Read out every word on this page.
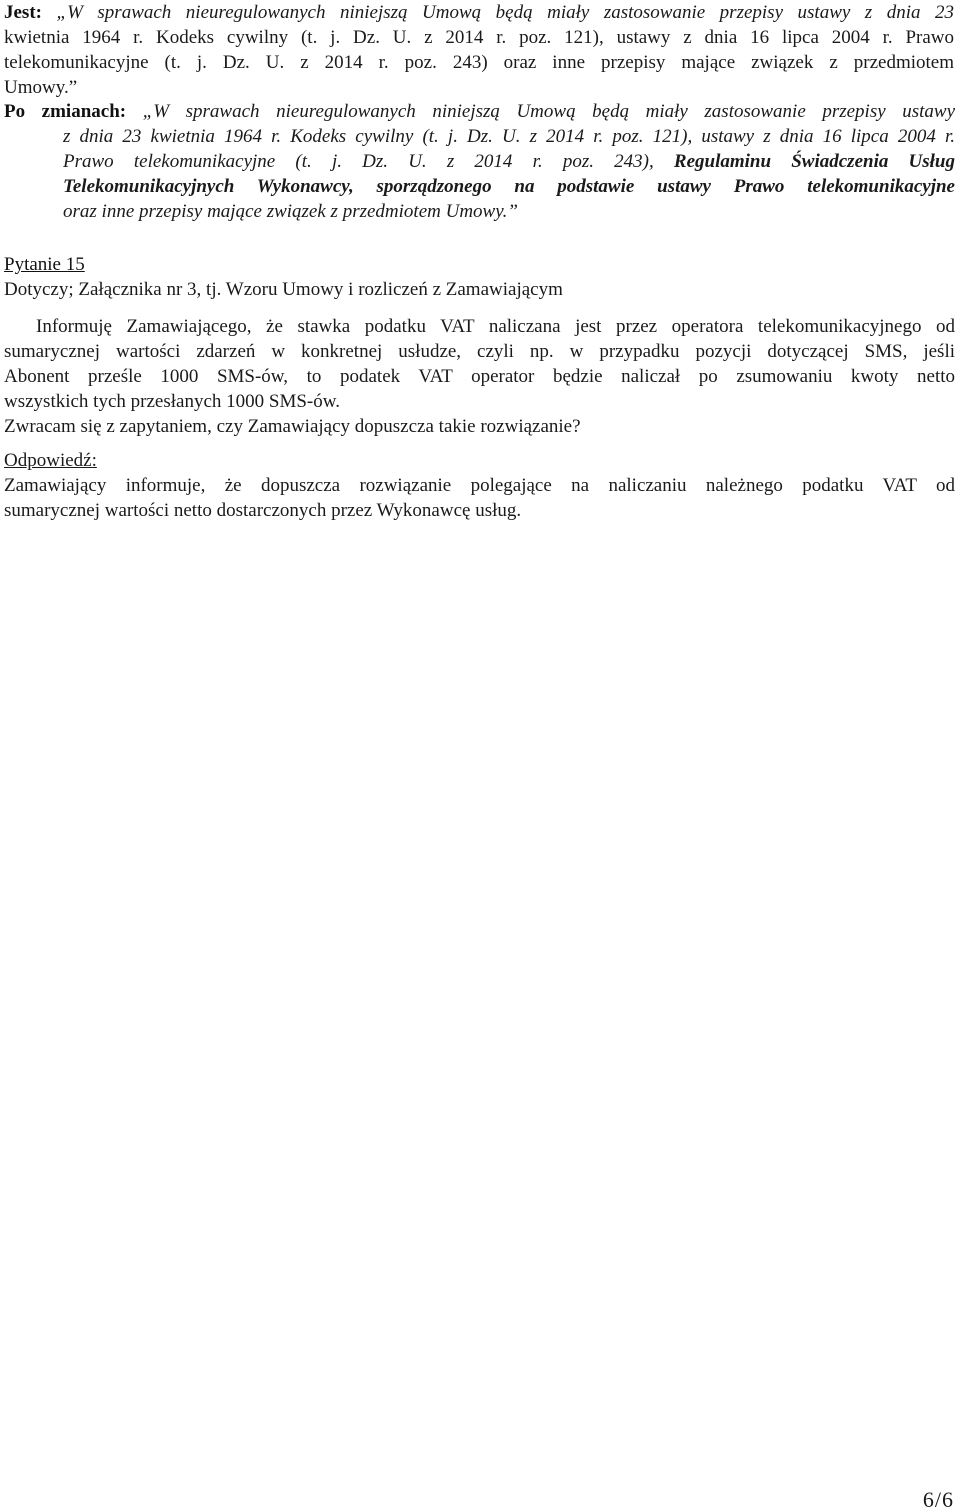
Jest: „W sprawach nieuregulowanych niniejszą Umową będą miały zastosowanie przepisy ustawy z dnia 23
kwietnia 1964 r. Kodeks cywilny (t. j. Dz. U. z 2014 r. poz. 121), ustawy z dnia 16 lipca 2004 r. Prawo
telekomunikacyjne (t. j. Dz. U. z 2014 r. poz. 243) oraz inne przepisy mające związek z przedmiotem
Umowy.”
Po zmianach: „W sprawach nieuregulowanych niniejszą Umową będą miały zastosowanie przepisy ustawy
z dnia 23 kwietnia 1964 r. Kodeks cywilny (t. j. Dz. U. z 2014 r. poz. 121), ustawy z dnia 16 lipca 2004 r.
Prawo telekomunikacyjne (t. j. Dz. U. z 2014 r. poz. 243), Regulaminu Świadczenia Usług
Telekomunikacyjnych Wykonawcy, sporządzonego na podstawie ustawy Prawo telekomunikacyjne
oraz inne przepisy mające związek z przedmiotem Umowy.”
Pytanie 15
Dotyczy; Załącznika nr 3, tj. Wzoru Umowy i rozliczeń z Zamawiającym
Informuję Zamawiającego, że stawka podatku VAT naliczana jest przez operatora telekomunikacyjnego od
sumarycznej wartości zdarzeń w konkretnej usłudze, czyli np. w przypadku pozycji dotyczącej SMS, jeśli
Abonent prześle 1000 SMS-ów, to podatek VAT operator będzie naliczał po zsumowaniu kwoty netto
wszystkich tych przesłanych 1000 SMS-ów.
Zwracam się z zapytaniem, czy Zamawiający dopuszcza takie rozwiązanie?
Odpowiedź:
Zamawiający informuje, że dopuszcza rozwiązanie polegające na naliczaniu należnego podatku VAT od
sumarycznej wartości netto dostarczonych przez Wykonawcę usług.
6/6
